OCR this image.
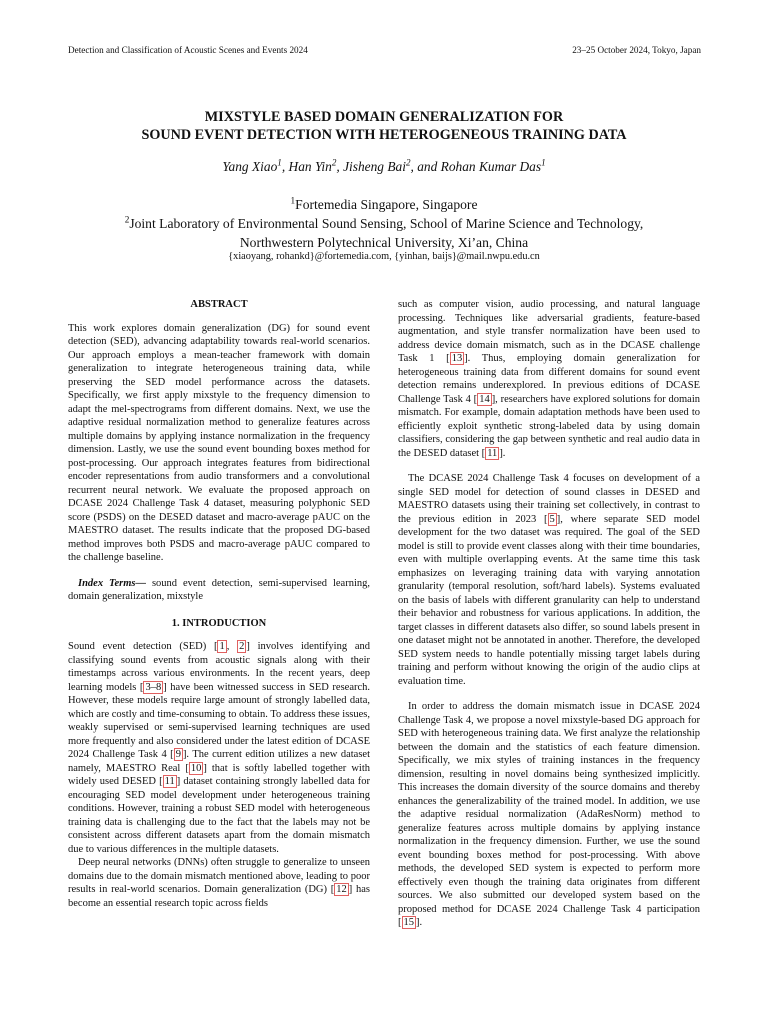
Detection and Classification of Acoustic Scenes and Events 2024	23–25 October 2024, Tokyo, Japan
MIXSTYLE BASED DOMAIN GENERALIZATION FOR
SOUND EVENT DETECTION WITH HETEROGENEOUS TRAINING DATA
Yang Xiao$^1$, Han Yin$^2$, Jisheng Bai$^2$, and Rohan Kumar Das$^1$
$^1$Fortemedia Singapore, Singapore
$^2$Joint Laboratory of Environmental Sound Sensing, School of Marine Science and Technology,
Northwestern Polytechnical University, Xi’an, China
{xiaoyang, rohankd}@fortemedia.com, {yinhan, baijs}@mail.nwpu.edu.cn
ABSTRACT

This work explores domain generalization (DG) for sound event detection (SED), advancing adaptability towards real-world scenarios. Our approach employs a mean-teacher framework with domain generalization to integrate heterogeneous training data, while preserving the SED model performance across the datasets. Specifically, we first apply mixstyle to the frequency dimension to adapt the mel-spectrograms from different domains. Next, we use the adaptive residual normalization method to generalize features across multiple domains by applying instance normalization in the frequency dimension. Lastly, we use the sound event bounding boxes method for post-processing. Our approach integrates features from bidirectional encoder representations from audio transformers and a convolutional recurrent neural network. We evaluate the proposed approach on DCASE 2024 Challenge Task 4 dataset, measuring polyphonic SED score (PSDS) on the DESED dataset and macro-average pAUC on the MAESTRO dataset. The results indicate that the proposed DG-based method improves both PSDS and macro-average pAUC compared to the challenge baseline.

Index Terms— sound event detection, semi-supervised learning, domain generalization, mixstyle

1. INTRODUCTION

Sound event detection (SED) [ 1 , 2 ] involves identifying and classifying sound events from acoustic signals along with their timestamps across various environments. In the recent years, deep learning models [ 3–8 ] have been witnessed success in SED research. However, these models require large amount of strongly labelled data, which are costly and time-consuming to obtain. To address these issues, weakly supervised or semi-supervised learning techniques are used more frequently and also considered under the latest edition of DCASE 2024 Challenge Task 4 [ 9 ]. The current edition utilizes a new dataset namely, MAESTRO Real [ 10 ] that is softly labelled together with widely used DESED [ 11 ] dataset containing strongly labelled data for encouraging SED model development under heterogeneous training conditions. However, training a robust SED model with heterogeneous training data is challenging due to the fact that the labels may not be consistent across different datasets apart from the domain mismatch due to various differences in the multiple datasets.

Deep neural networks (DNNs) often struggle to generalize to unseen domains due to the domain mismatch mentioned above, leading to poor results in real-world scenarios. Domain generalization (DG) [ 12 ] has become an essential research topic across fields

such as computer vision, audio processing, and natural language processing. Techniques like adversarial gradients, feature-based augmentation, and style transfer normalization have been used to address device domain mismatch, such as in the DCASE challenge Task 1 [ 13 ]. Thus, employing domain generalization for heterogeneous training data from different domains for sound event detection remains underexplored. In previous editions of DCASE Challenge Task 4 [ 14 ], researchers have explored solutions for domain mismatch. For example, domain adaptation methods have been used to efficiently exploit synthetic strong-labeled data by using domain classifiers, considering the gap between synthetic and real audio data in the DESED dataset [ 11 ].

The DCASE 2024 Challenge Task 4 focuses on development of a single SED model for detection of sound classes in DESED and MAESTRO datasets using their training set collectively, in contrast to the previous edition in 2023 [ 5 ], where separate SED model development for the two dataset was required. The goal of the SED model is still to provide event classes along with their time boundaries, even with multiple overlapping events. At the same time this task emphasizes on leveraging training data with varying annotation granularity (temporal resolution, soft/hard labels). Systems evaluated on the basis of labels with different granularity can help to understand their behavior and robustness for various applications. In addition, the target classes in different datasets also differ, so sound labels present in one dataset might not be annotated in another. Therefore, the developed SED system needs to handle potentially missing target labels during training and perform without knowing the origin of the audio clips at evaluation time.

In order to address the domain mismatch issue in DCASE 2024 Challenge Task 4, we propose a novel mixstyle-based DG approach for SED with heterogeneous training data. We first analyze the relationship between the domain and the statistics of each feature dimension. Specifically, we mix styles of training instances in the frequency dimension, resulting in novel domains being synthesized implicitly. This increases the domain diversity of the source domains and thereby enhances the generalizability of the trained model. In addition, we use the adaptive residual normalization (AdaResNorm) method to generalize features across multiple domains by applying instance normalization in the frequency dimension. Further, we use the sound event bounding boxes method for post-processing. With above methods, the developed SED system is expected to perform more effectively even though the training data originates from different sources. We also submitted our developed system based on the proposed method for DCASE 2024 Challenge Task 4 participation [ 15 ].
